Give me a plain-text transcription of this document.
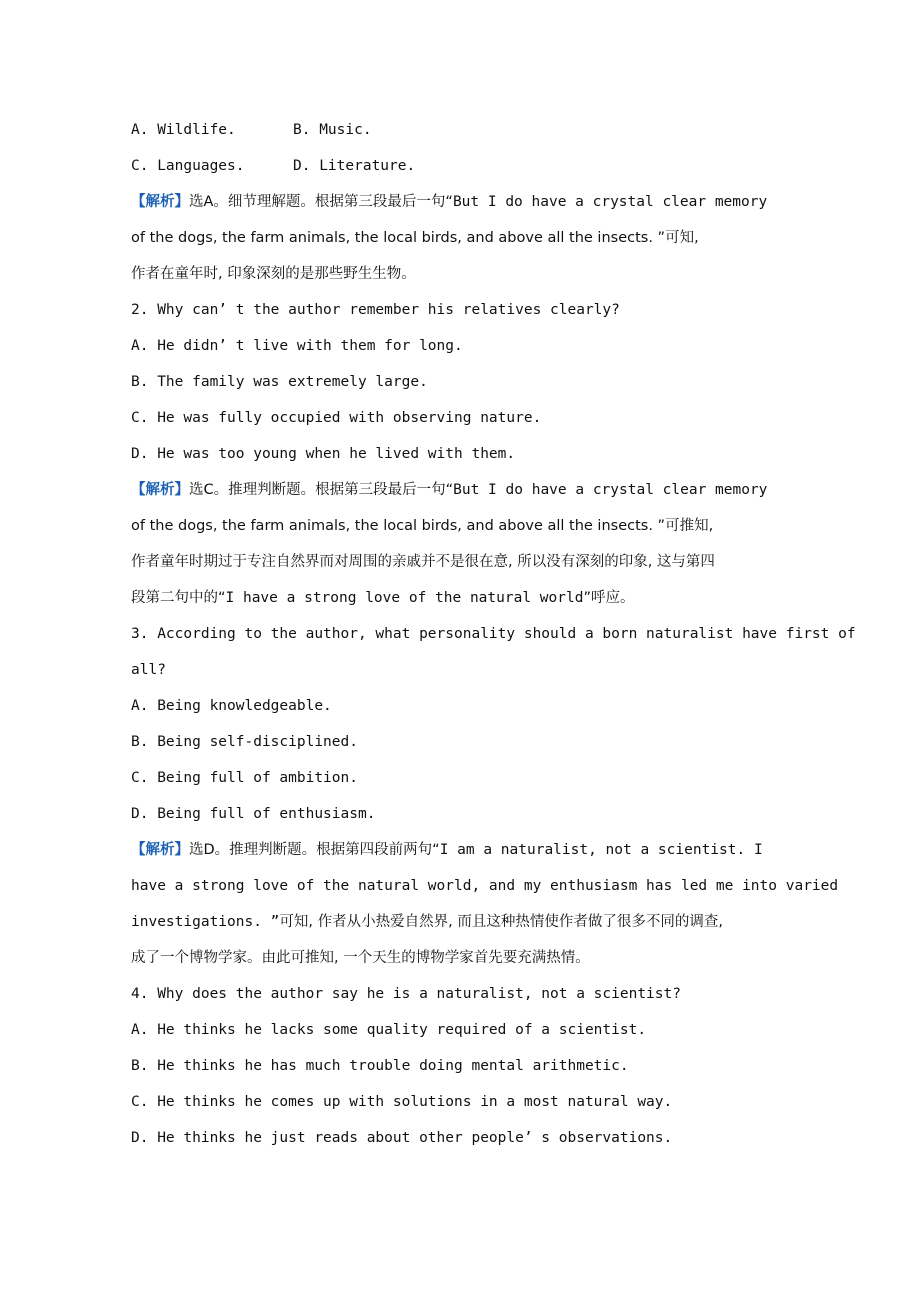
A. Wildlife.	B. Music.
C. Languages.	D. Literature.
【解析】选A。细节理解题。根据第三段最后一句“But I do have a crystal clear memory
of the dogs, the farm animals, the local birds, and above all the insects. ”可知,
作者在童年时, 印象深刻的是那些野生生物。
2. Why can’ t the author remember his relatives clearly?
A. He didn’ t live with them for long.
B. The family was extremely large.
C. He was fully occupied with observing nature.
D. He was too young when he lived with them.
【解析】选C。推理判断题。根据第三段最后一句“But I do have a crystal clear memory
of the dogs, the farm animals, the local birds, and above all the insects. ”可推知,
作者童年时期过于专注自然界而对周围的亲戚并不是很在意, 所以没有深刻的印象, 这与第四
段第二句中的“I have a strong love of the natural world”呼应。
3. According to the author, what personality should a born naturalist have first of
all?
A. Being knowledgeable.
B. Being self-disciplined.
C. Being full of ambition.
D. Being full of enthusiasm.
【解析】选D。推理判断题。根据第四段前两句“I am a naturalist, not a scientist. I
have a strong love of the natural world, and my enthusiasm has led me into varied
investigations. ”可知, 作者从小热爱自然界, 而且这种热情使作者做了很多不同的调查,
成了一个博物学家。由此可推知, 一个天生的博物学家首先要充满热情。
4. Why does the author say he is a naturalist, not a scientist?
A. He thinks he lacks some quality required of a scientist.
B. He thinks he has much trouble doing mental arithmetic.
C. He thinks he comes up with solutions in a most natural way.
D. He thinks he just reads about other people’ s observations.
